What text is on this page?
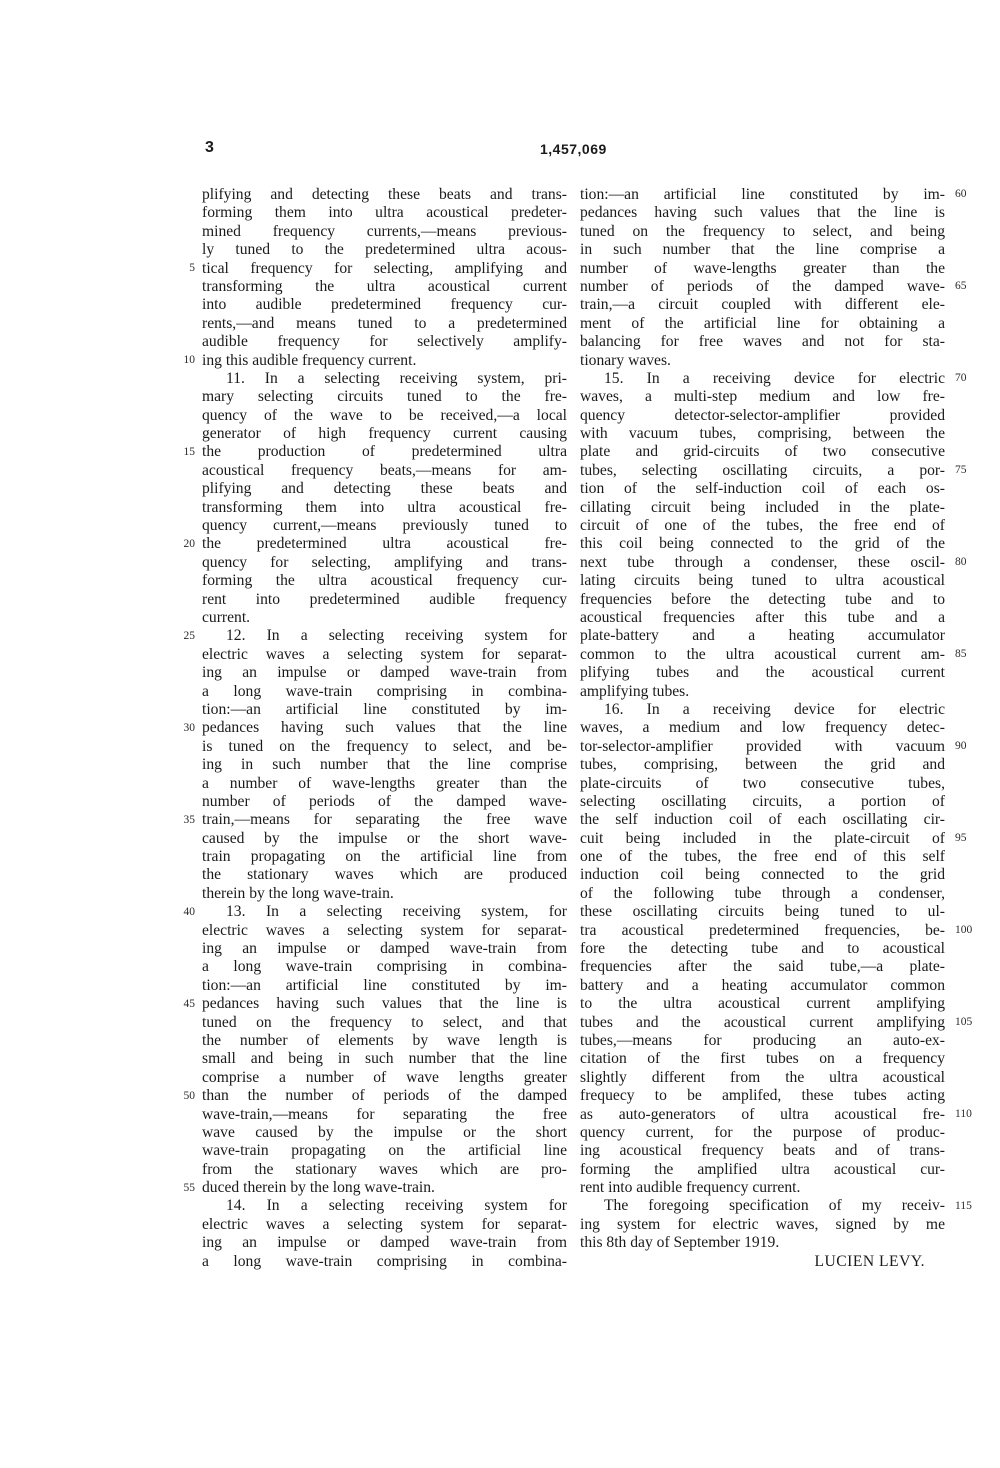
3	1,457,069
plifying and detecting these beats and trans-
forming them into ultra acoustical predeter-
mined frequency currents,—means previous-
ly tuned to the predetermined ultra acous-
tical frequency for selecting, amplifying and
transforming the ultra acoustical current
into audible predetermined frequency cur-
rents,—and means tuned to a predetermined
audible frequency for selectively amplify-
ing this audible frequency current.
11. In a selecting receiving system, pri-
mary selecting circuits tuned to the fre-
quency of the wave to be received,—a local
generator of high frequency current causing
the production of predetermined ultra
acoustical frequency beats,—means for am-
plifying and detecting these beats and
transforming them into ultra acoustical fre-
quency current,—means previously tuned to
the predetermined ultra acoustical fre-
quency for selecting, amplifying and trans-
forming the ultra acoustical frequency cur-
rent into predetermined audible frequency
current.
12. In a selecting receiving system for
electric waves a selecting system for separat-
ing an impulse or damped wave-train from
a long wave-train comprising in combina-
tion:—an artificial line constituted by im-
pedances having such values that the line
is tuned on the frequency to select, and be-
ing in such number that the line comprise
a number of wave-lengths greater than the
number of periods of the damped wave-
train,—means for separating the free wave
caused by the impulse or the short wave-
train propagating on the artificial line from
the stationary waves which are produced
therein by the long wave-train.
13. In a selecting receiving system, for
electric waves a selecting system for separat-
ing an impulse or damped wave-train from
a long wave-train comprising in combina-
tion:—an artificial line constituted by im-
pedances having such values that the line is
tuned on the frequency to select, and that
the number of elements by wave length is
small and being in such number that the line
comprise a number of wave lengths greater
than the number of periods of the damped
wave-train,—means for separating the free
wave caused by the impulse or the short
wave-train propagating on the artificial line
from the stationary waves which are pro-
duced therein by the long wave-train.
14. In a selecting receiving system for
electric waves a selecting system for separat-
ing an impulse or damped wave-train from
a long wave-train comprising in combina-
tion:—an artificial line constituted by im-
pedances having such values that the line is
tuned on the frequency to select, and being
in such number that the line comprise a
number of wave-lengths greater than the
number of periods of the damped wave-
train,—a circuit coupled with different ele-
ment of the artificial line for obtaining a
balancing for free waves and not for sta-
tionary waves.
15. In a receiving device for electric
waves, a multi-step medium and low fre-
quency detector-selector-amplifier provided
with vacuum tubes, comprising, between the
plate and grid-circuits of two consecutive
tubes, selecting oscillating circuits, a por-
tion of the self-induction coil of each os-
cillating circuit being included in the plate-
circuit of one of the tubes, the free end of
this coil being connected to the grid of the
next tube through a condenser, these oscil-
lating circuits being tuned to ultra acoustical
frequencies before the detecting tube and to
acoustical frequencies after this tube and a
plate-battery and a heating accumulator
common to the ultra acoustical current am-
plifying tubes and the acoustical current
amplifying tubes.
16. In a receiving device for electric
waves, a medium and low frequency detec-
tor-selector-amplifier provided with vacuum
tubes, comprising, between the grid and
plate-circuits of two consecutive tubes,
selecting oscillating circuits, a portion of
the self induction coil of each oscillating cir-
cuit being included in the plate-circuit of
one of the tubes, the free end of this self
induction coil being connected to the grid
of the following tube through a condenser,
these oscillating circuits being tuned to ul-
tra acoustical predetermined frequencies, be-
fore the detecting tube and to acoustical
frequencies after the said tube,—a plate-
battery and a heating accumulator common
to the ultra acoustical current amplifying
tubes and the acoustical current amplifying
tubes,—means for producing an auto-ex-
citation of the first tubes on a frequency
slightly different from the ultra acoustical
frequecy to be amplifed, these tubes acting
as auto-generators of ultra acoustical fre-
quency current, for the purpose of produc-
ing acoustical frequency beats and of trans-
forming the amplified ultra acoustical cur-
rent into audible frequency current.
The foregoing specification of my receiv-
ing system for electric waves, signed by me
this 8th day of September 1919.
LUCIEN LEVY.
5
10
15
20
25
30
35
40
45
50
55
60
65
70
75
80
85
90
95
100
105
110
115
